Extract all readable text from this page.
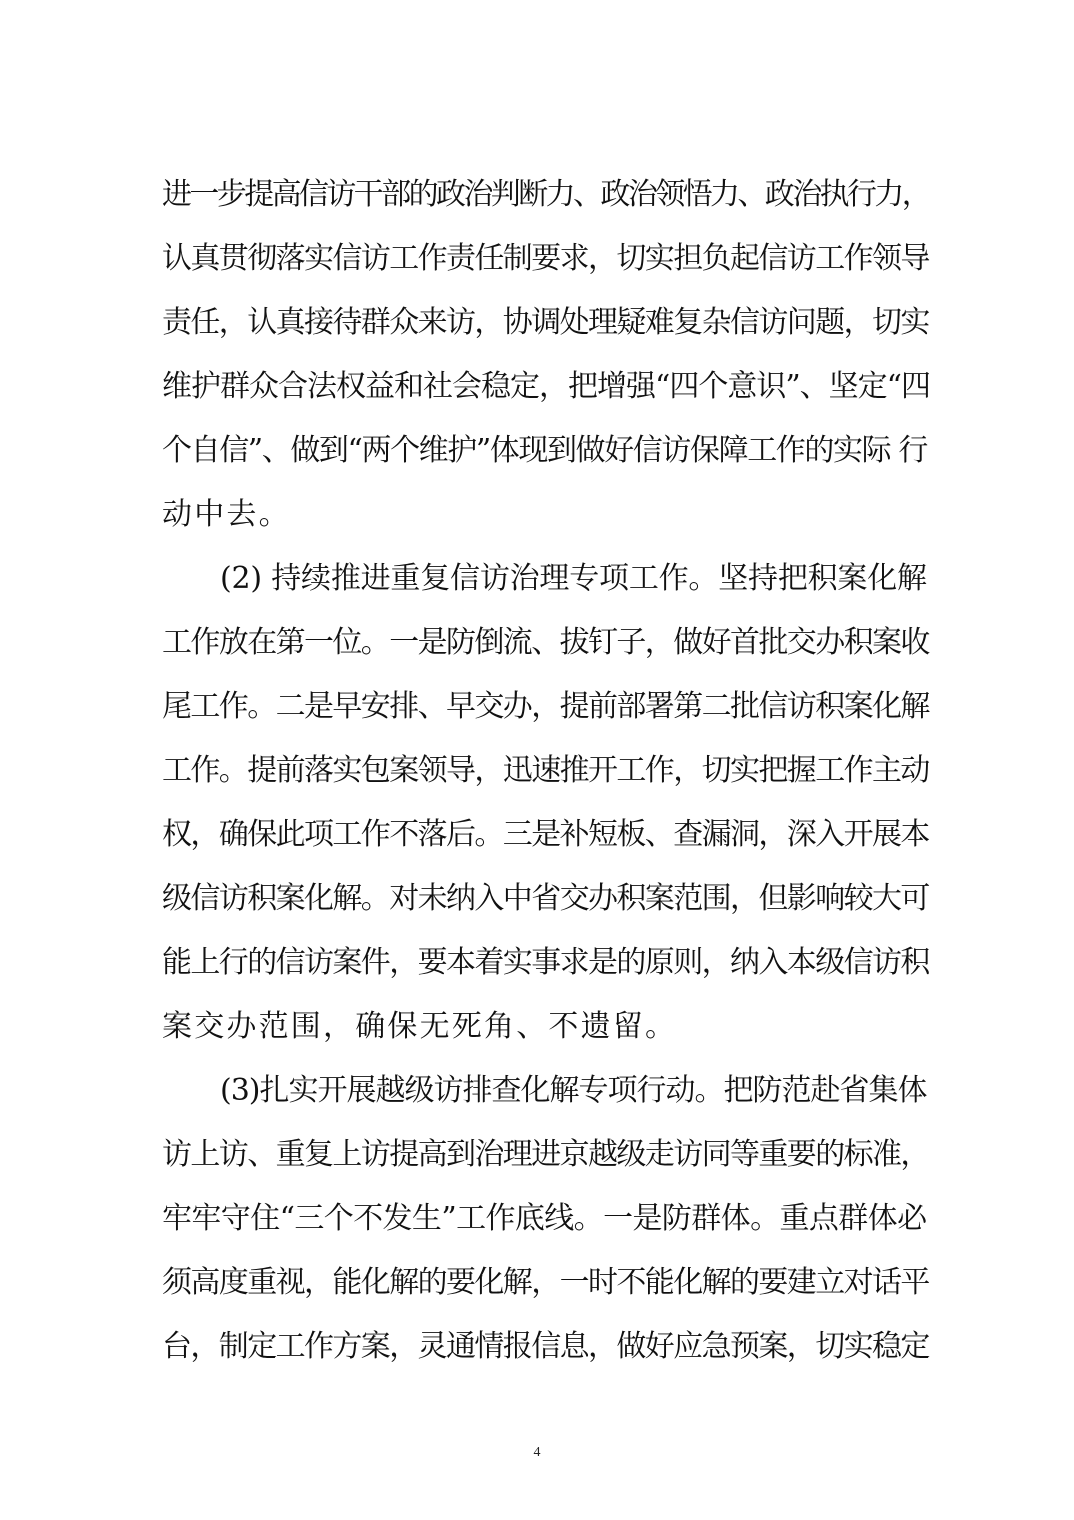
进一步提高信访干部的政治判断力、政治领悟力、政治执行力，
认真贯彻落实信访工作责任制要求，切实担负起信访工作领导
责任，认真接待群众来访，协调处理疑难复杂信访问题，切实
维护群众合法权益和社会稳定，把增强“四个意识”、坚定“四
个自信”、做到“两个维护”体现到做好信访保障工作的实际 行
动中去。
(2) 持续推进重复信访治理专项工作。坚持把积案化解
工作放在第一位。一是防倒流、拔钉子，做好首批交办积案收
尾工作。二是早安排、早交办，提前部署第二批信访积案化解
工作。提前落实包案领导，迅速推开工作，切实把握工作主动
权，确保此项工作不落后。三是补短板、查漏洞，深入开展本
级信访积案化解。对未纳入中省交办积案范围，但影响较大可
能上行的信访案件，要本着实事求是的原则，纳入本级信访积
案交办范围，确保无死角、不遗留。
(3)扎实开展越级访排查化解专项行动。把防范赴省集体
访上访、重复上访提高到治理进京越级走访同等重要的标准，
牢牢守住“三个不发生”工作底线。一是防群体。重点群体必
须高度重视，能化解的要化解，一时不能化解的要建立对话平
台，制定工作方案，灵通情报信息，做好应急预案，切实稳定
4
